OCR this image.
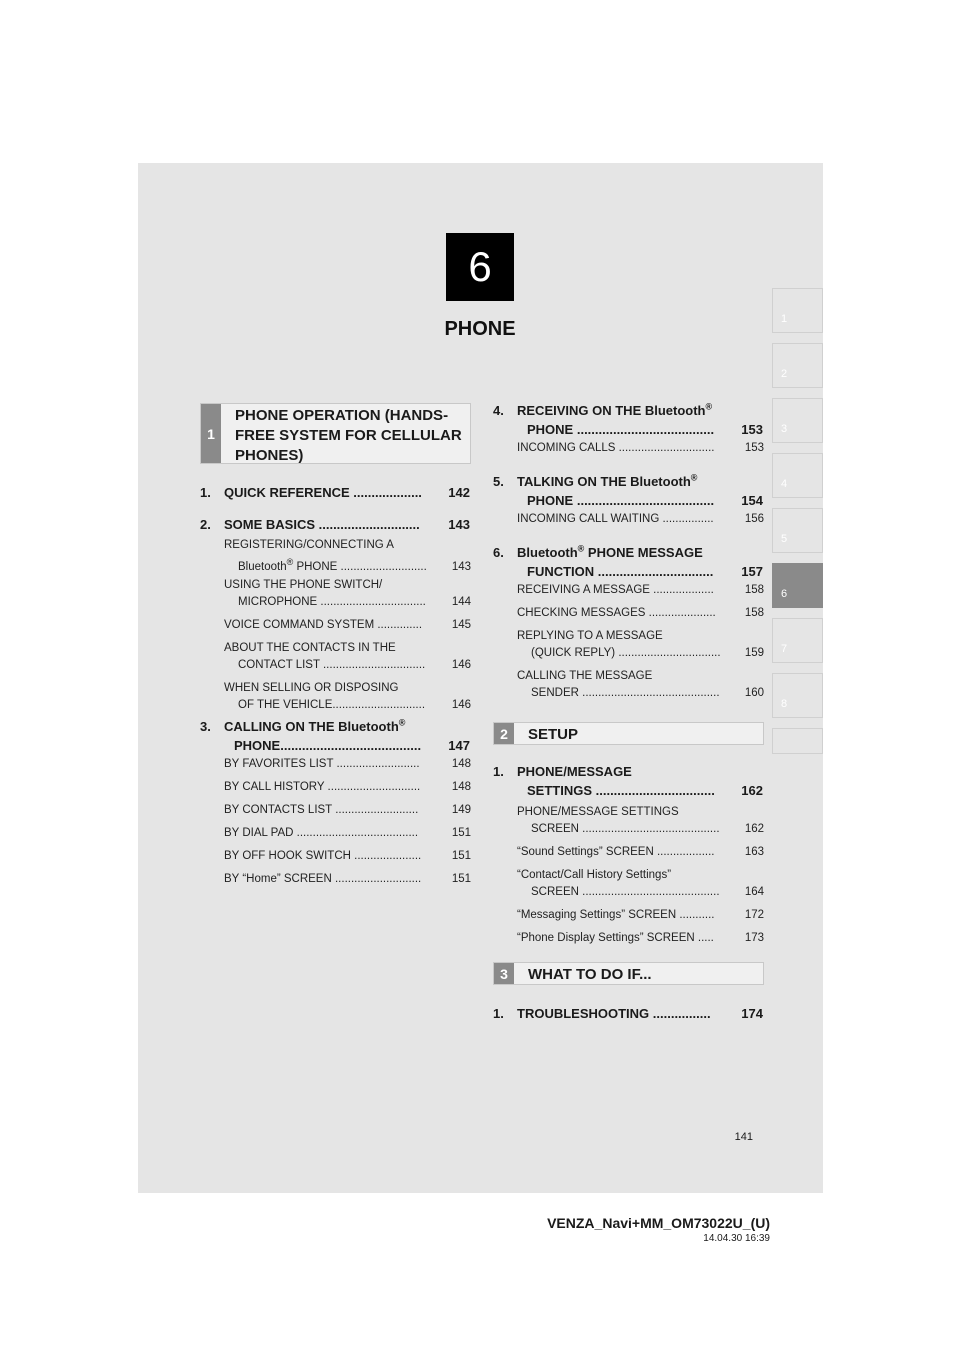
6
PHONE	1
2
3
4
5
6
7
8
1
PHONE OPERATION (HANDS-FREE SYSTEM FOR CELLULAR PHONES)
2	SETUP
3	WHAT TO DO IF...
1. QUICK REFERENCE ................... 142
2. SOME BASICS ............................ 143
REGISTERING/CONNECTING A
Bluetooth® PHONE ...........................	143
USING THE PHONE SWITCH/
MICROPHONE .................................	144
VOICE COMMAND SYSTEM ..............	145
ABOUT THE CONTACTS IN THE
CONTACT LIST ................................	146
WHEN SELLING OR DISPOSING
OF THE VEHICLE.............................	146
3. CALLING ON THE Bluetooth®
PHONE.......................................	147
BY FAVORITES LIST ..........................	148
BY CALL HISTORY .............................	148
BY CONTACTS LIST ..........................	149
BY DIAL PAD ......................................	151
BY OFF HOOK SWITCH .....................	151
BY “Home” SCREEN ...........................	151
4. RECEIVING ON THE Bluetooth®
PHONE ......................................	153
INCOMING CALLS ..............................	153
5. TALKING ON THE Bluetooth®
PHONE ......................................	154
INCOMING CALL WAITING ................	156
6. Bluetooth® PHONE MESSAGE
FUNCTION ................................	157
RECEIVING A MESSAGE ...................	158
CHECKING MESSAGES .....................	158
REPLYING TO A MESSAGE
(QUICK REPLY) ................................	159
CALLING THE MESSAGE
SENDER ...........................................	160
1. PHONE/MESSAGE
SETTINGS .................................	162
PHONE/MESSAGE SETTINGS
SCREEN ...........................................	162
“Sound Settings” SCREEN ..................	163
“Contact/Call History Settings”
SCREEN ...........................................	164
“Messaging Settings” SCREEN ...........	172
“Phone Display Settings” SCREEN .....	173
1. TROUBLESHOOTING ................ 174
141
VENZA_Navi+MM_OM73022U_(U)
14.04.30 16:39
